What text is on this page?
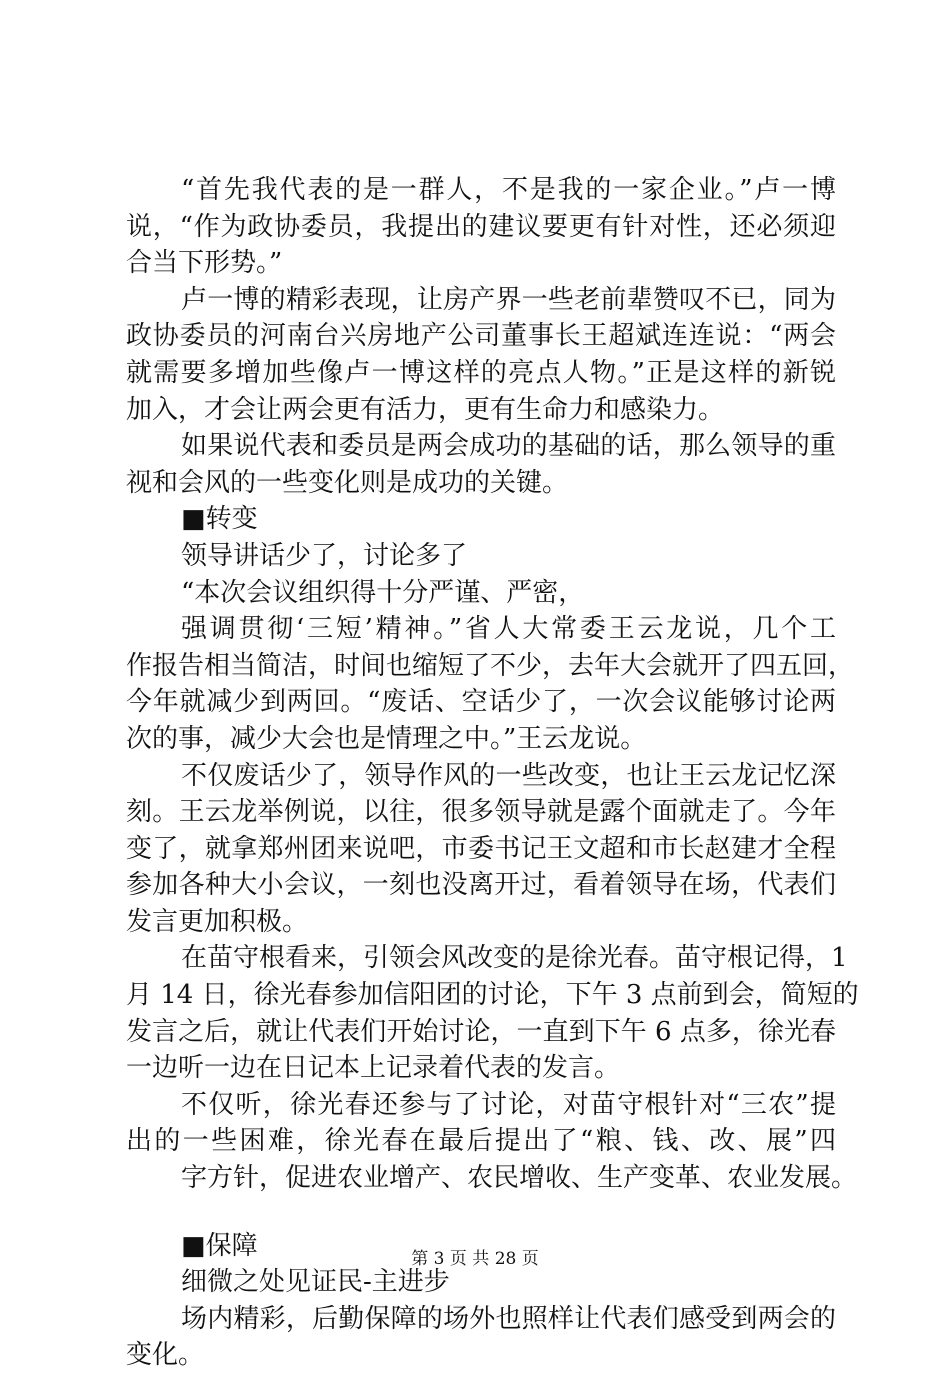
“首先我代表的是一群人，不是我的一家企业。”卢一博
说，“作为政协委员，我提出的建议要更有针对性，还必须迎
合当下形势。”
卢一博的精彩表现，让房产界一些老前辈赞叹不已，同为
政协委员的河南台兴房地产公司董事长王超斌连连说：“两会
就需要多增加些像卢一博这样的亮点人物。”正是这样的新锐
加入，才会让两会更有活力，更有生命力和感染力。
如果说代表和委员是两会成功的基础的话，那么领导的重
视和会风的一些变化则是成功的关键。
■转变
领导讲话少了，讨论多了
“本次会议组织得十分严谨、严密，
强调贯彻‘三短’精神。”省人大常委王云龙说，几个工
作报告相当简洁，时间也缩短了不少，去年大会就开了四五回，
今年就减少到两回。“废话、空话少了，一次会议能够讨论两
次的事，减少大会也是情理之中。”王云龙说。
不仅废话少了，领导作风的一些改变，也让王云龙记忆深
刻。王云龙举例说，以往，很多领导就是露个面就走了。今年
变了，就拿郑州团来说吧，市委书记王文超和市长赵建才全程
参加各种大小会议，一刻也没离开过，看着领导在场，代表们
发言更加积极。
在苗守根看来，引领会风改变的是徐光春。苗守根记得，1
月 14 日，徐光春参加信阳团的讨论，下午 3 点前到会，简短的
发言之后，就让代表们开始讨论，一直到下午 6 点多，徐光春
一边听一边在日记本上记录着代表的发言。
不仅听，徐光春还参与了讨论，对苗守根针对“三农”提
出的一些困难，徐光春在最后提出了“粮、钱、改、展”四
字方针，促进农业增产、农民增收、生产变革、农业发展。
■保障
细微之处见证民-主进步
场内精彩，后勤保障的场外也照样让代表们感受到两会的
变化。
第 3 页 共 28 页
